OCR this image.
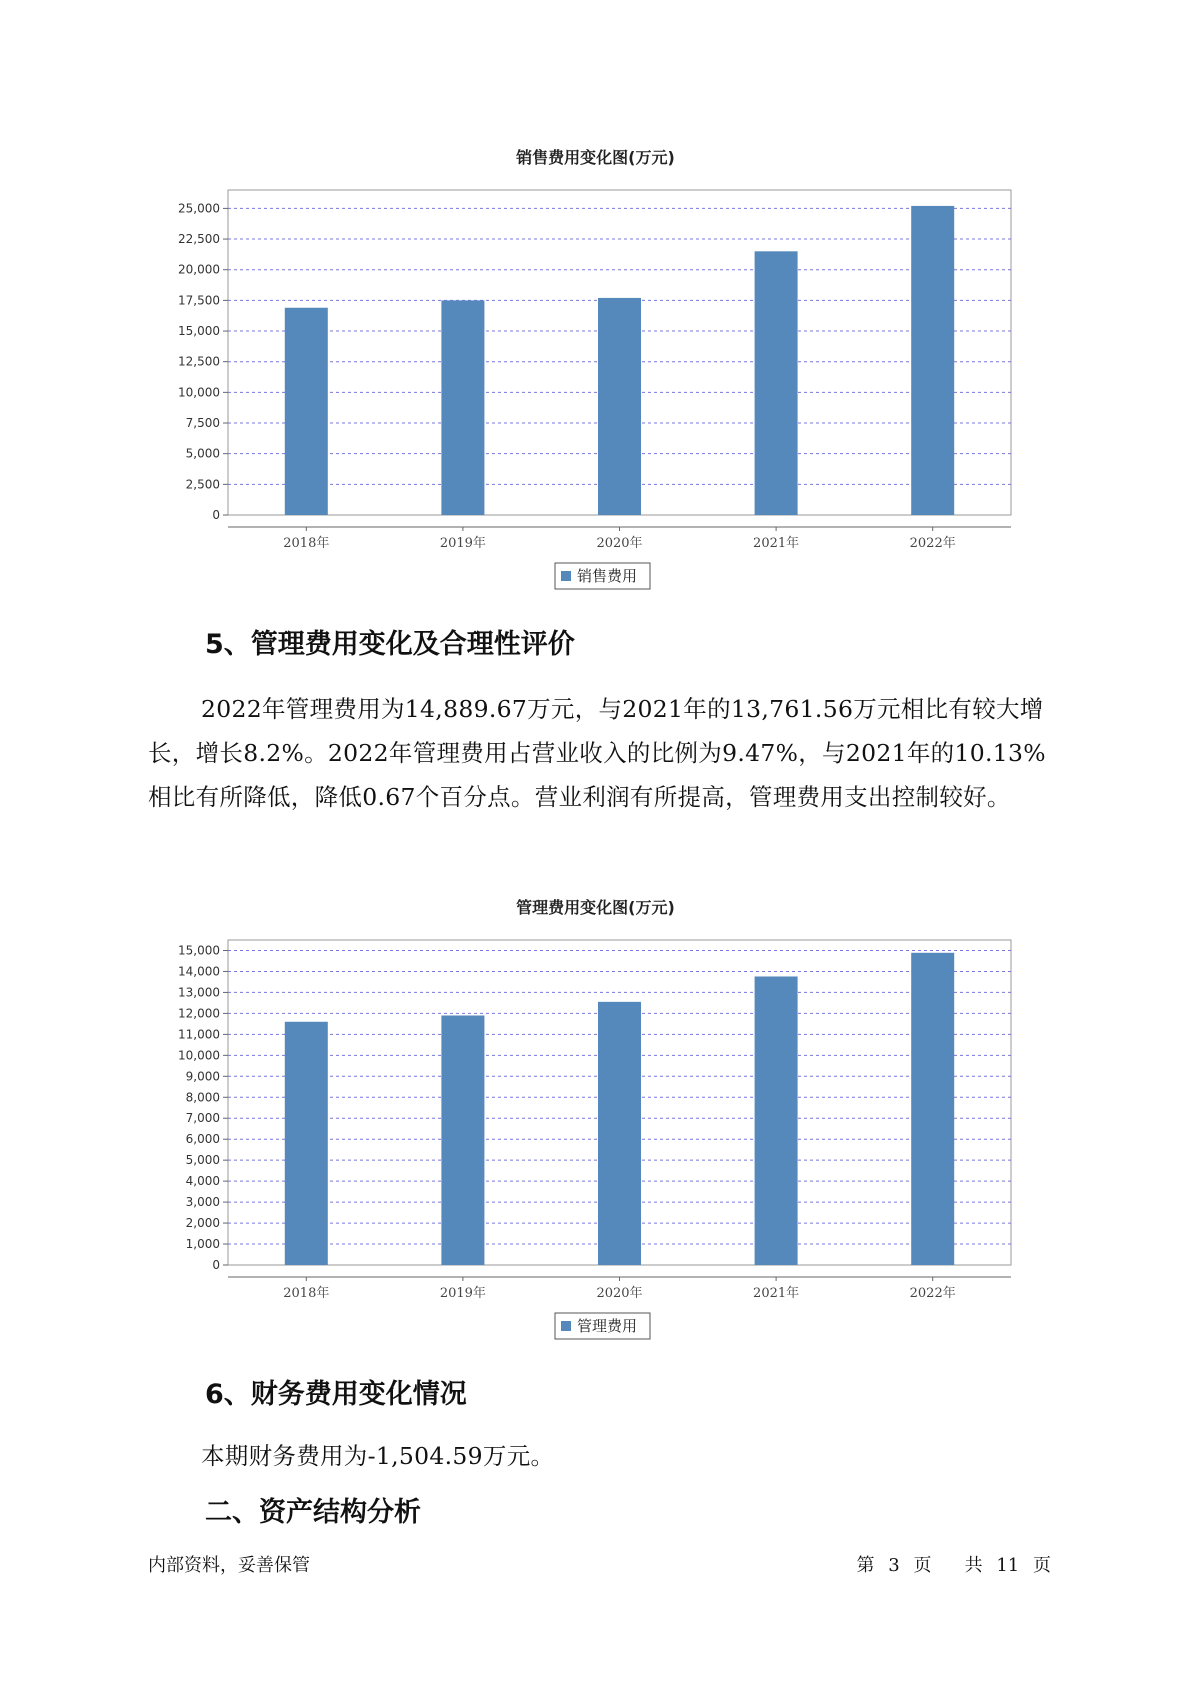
销售费用变化图(万元)
0
2,500
5,000
7,500
10,000
12,500
15,000
17,500
20,000
22,500
25,000
2018年	2019年	2020年	2021年	2022年
销售费用
5、管理费用变化及合理性评价

2022年管理费用为14,889.67万元，与2021年的13,761.56万元相比有较大增长，增长8.2%。2022年管理费用占营业收入的比例为9.47%，与2021年的10.13%相比有所降低，降低0.67个百分点。营业利润有所提高，管理费用支出控制较好。

管理费用变化图(万元)
0
1,000
2,000
3,000
4,000
5,000
6,000
7,000
8,000
9,000
10,000
11,000
12,000
13,000
14,000
15,000
2018年	2019年	2020年	2021年	2022年
管理费用
6、财务费用变化情况

本期财务费用为-1,504.59万元。

二、资产结构分析
内部资料，妥善保管	第 3 页 共 11 页
